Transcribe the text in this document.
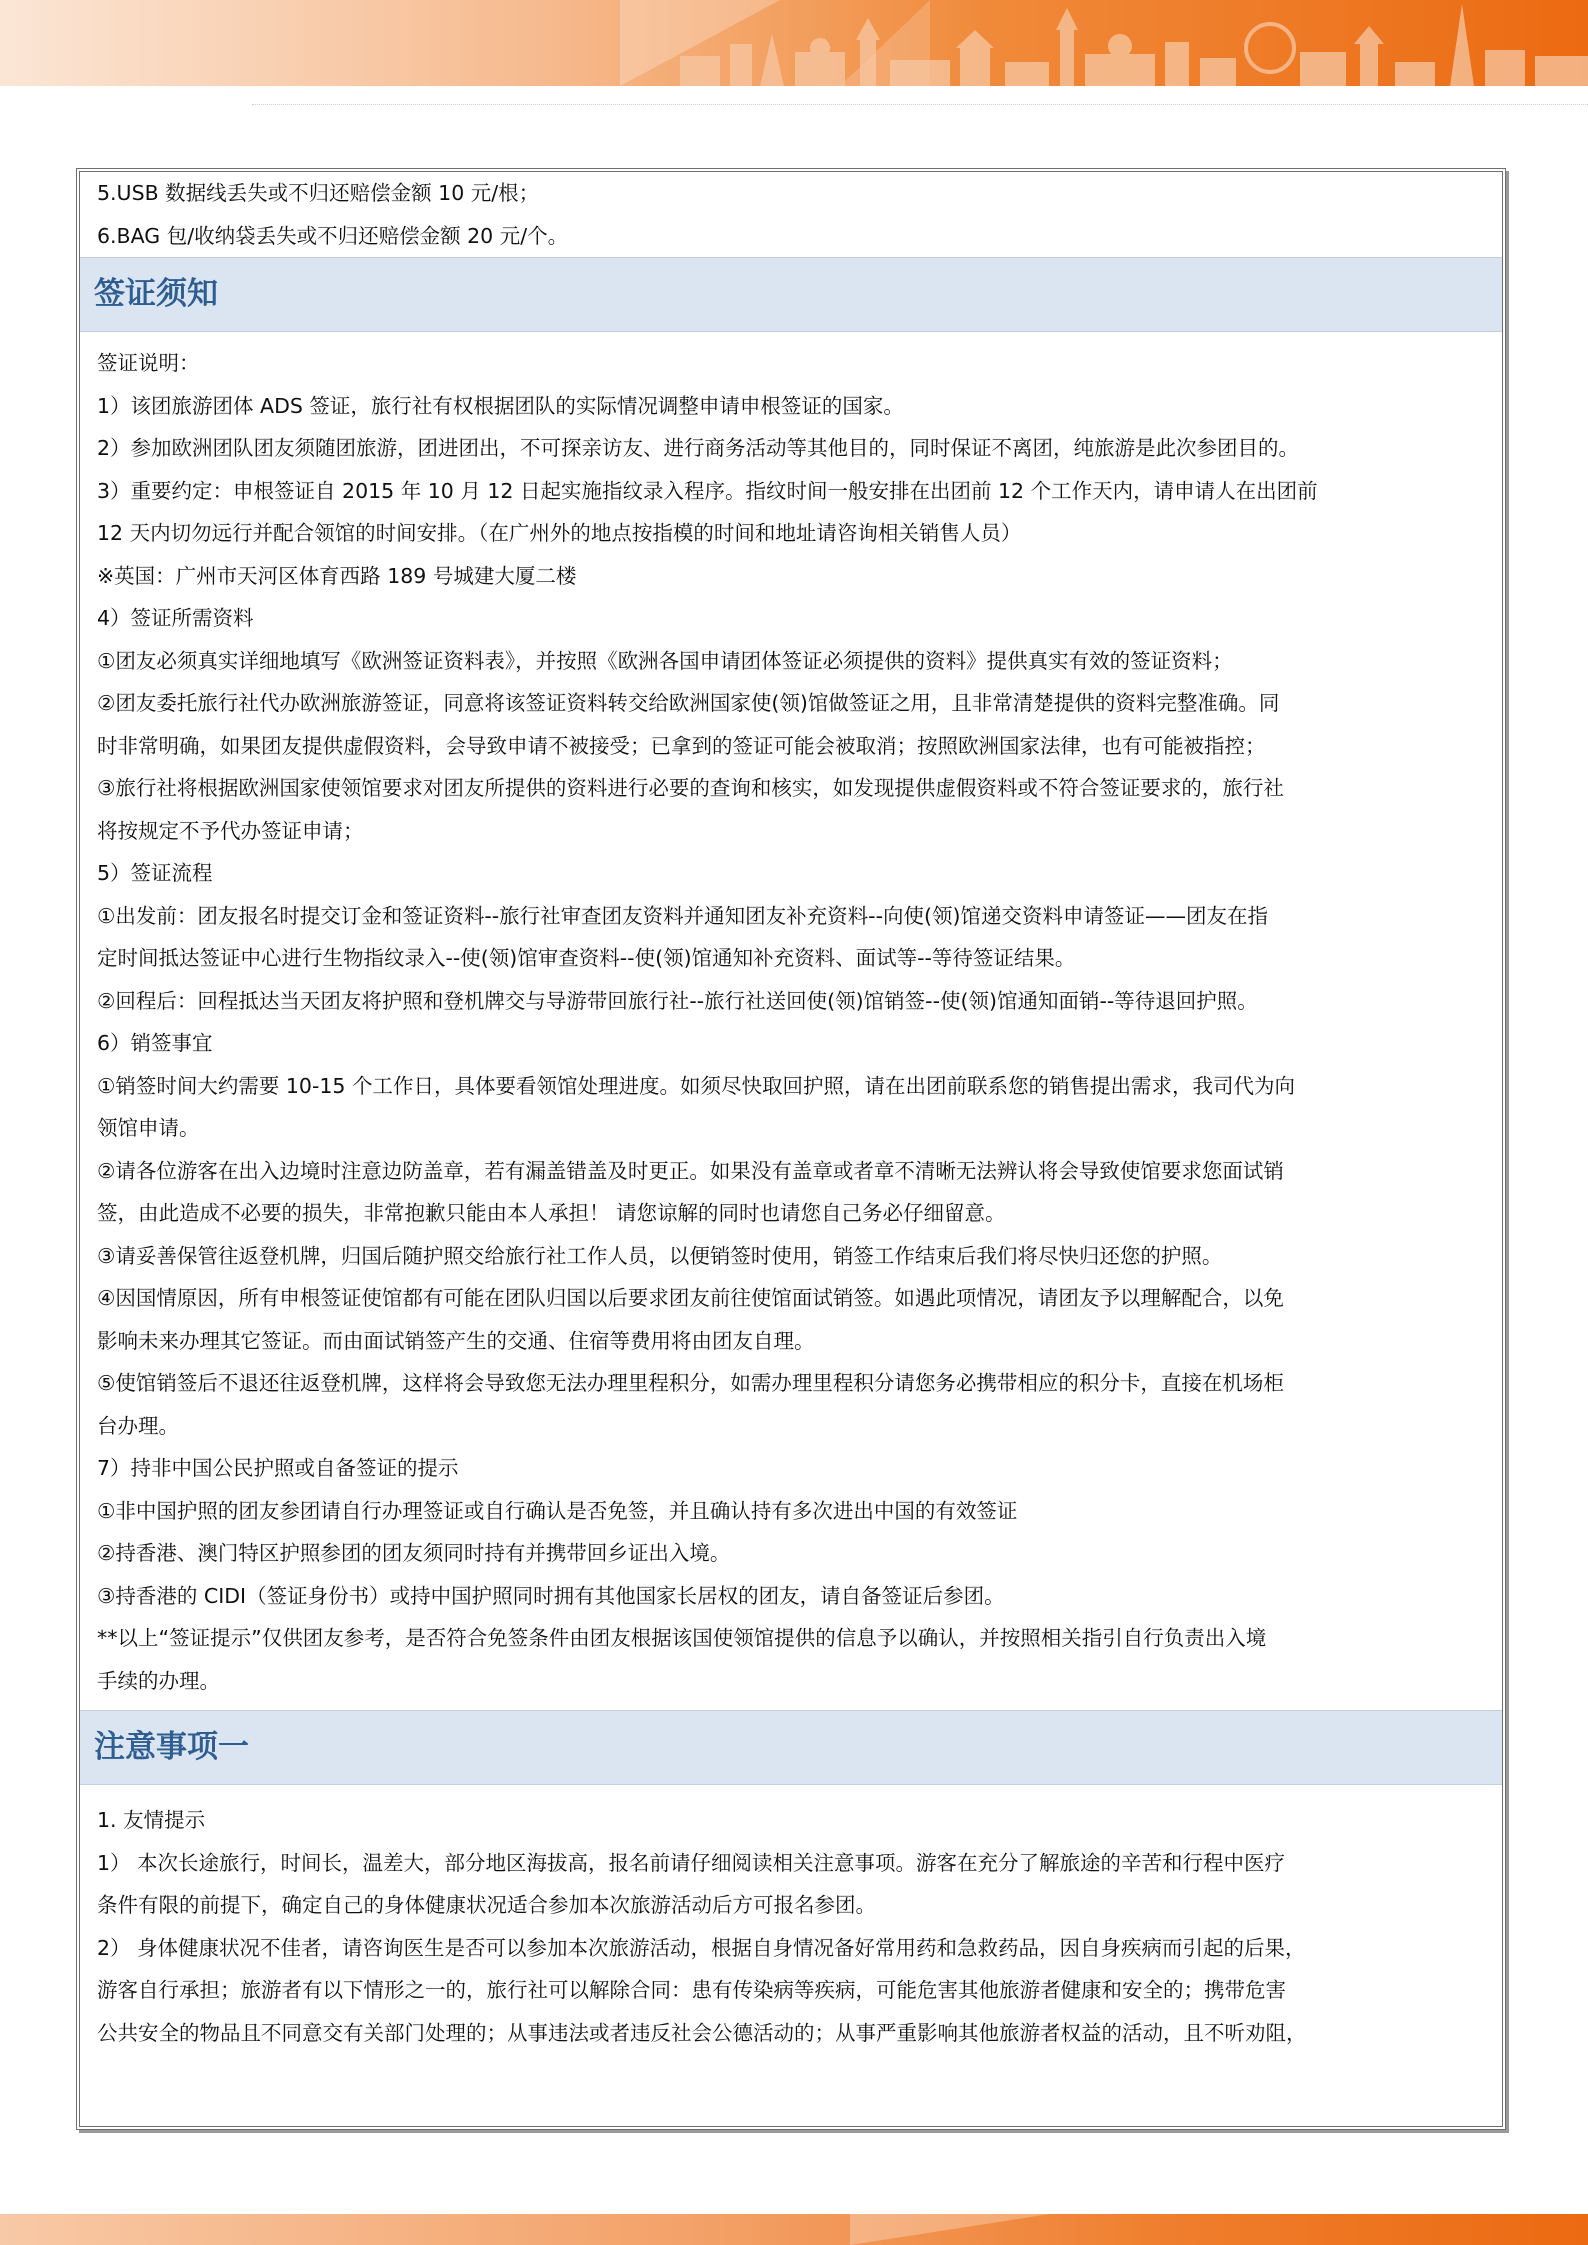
5.USB 数据线丢失或不归还赔偿金额 10 元/根；
6.BAG 包/收纳袋丢失或不归还赔偿金额 20 元/个。
签证须知
签证说明：
1）该团旅游团体 ADS 签证，旅行社有权根据团队的实际情况调整申请申根签证的国家。
2）参加欧洲团队团友须随团旅游，团进团出，不可探亲访友、进行商务活动等其他目的，同时保证不离团，纯旅游是此次参团目的。
3）重要约定：申根签证自 2015 年 10 月 12 日起实施指纹录入程序。指纹时间一般安排在出团前 12 个工作天内，请申请人在出团前
12 天内切勿远行并配合领馆的时间安排。（在广州外的地点按指模的时间和地址请咨询相关销售人员）
※英国：广州市天河区体育西路 189 号城建大厦二楼
4）签证所需资料
①团友必须真实详细地填写《欧洲签证资料表》，并按照《欧洲各国申请团体签证必须提供的资料》提供真实有效的签证资料；
②团友委托旅行社代办欧洲旅游签证，同意将该签证资料转交给欧洲国家使(领)馆做签证之用，且非常清楚提供的资料完整准确。同
时非常明确，如果团友提供虚假资料，会导致申请不被接受；已拿到的签证可能会被取消；按照欧洲国家法律，也有可能被指控；
③旅行社将根据欧洲国家使领馆要求对团友所提供的资料进行必要的查询和核实，如发现提供虚假资料或不符合签证要求的，旅行社
将按规定不予代办签证申请；
5）签证流程
①出发前：团友报名时提交订金和签证资料--旅行社审查团友资料并通知团友补充资料--向使(领)馆递交资料申请签证——团友在指
定时间抵达签证中心进行生物指纹录入--使(领)馆审查资料--使(领)馆通知补充资料、面试等--等待签证结果。
②回程后：回程抵达当天团友将护照和登机牌交与导游带回旅行社--旅行社送回使(领)馆销签--使(领)馆通知面销--等待退回护照。
6）销签事宜
①销签时间大约需要 10-15 个工作日，具体要看领馆处理进度。如须尽快取回护照，请在出团前联系您的销售提出需求，我司代为向
领馆申请。
②请各位游客在出入边境时注意边防盖章，若有漏盖错盖及时更正。如果没有盖章或者章不清晰无法辨认将会导致使馆要求您面试销
签，由此造成不必要的损失，非常抱歉只能由本人承担！ 请您谅解的同时也请您自己务必仔细留意。
③请妥善保管往返登机牌，归国后随护照交给旅行社工作人员，以便销签时使用，销签工作结束后我们将尽快归还您的护照。
④因国情原因，所有申根签证使馆都有可能在团队归国以后要求团友前往使馆面试销签。如遇此项情况，请团友予以理解配合，以免
影响未来办理其它签证。而由面试销签产生的交通、住宿等费用将由团友自理。
⑤使馆销签后不退还往返登机牌，这样将会导致您无法办理里程积分，如需办理里程积分请您务必携带相应的积分卡，直接在机场柜
台办理。
7）持非中国公民护照或自备签证的提示
①非中国护照的团友参团请自行办理签证或自行确认是否免签，并且确认持有多次进出中国的有效签证
②持香港、澳门特区护照参团的团友须同时持有并携带回乡证出入境。
③持香港的 CIDI（签证身份书）或持中国护照同时拥有其他国家长居权的团友，请自备签证后参团。
**以上“签证提示”仅供团友参考，是否符合免签条件由团友根据该国使领馆提供的信息予以确认，并按照相关指引自行负责出入境
手续的办理。
注意事项一
1. 友情提示
1） 本次长途旅行，时间长，温差大，部分地区海拔高，报名前请仔细阅读相关注意事项。游客在充分了解旅途的辛苦和行程中医疗
条件有限的前提下，确定自己的身体健康状况适合参加本次旅游活动后方可报名参团。
2） 身体健康状况不佳者，请咨询医生是否可以参加本次旅游活动，根据自身情况备好常用药和急救药品，因自身疾病而引起的后果，
游客自行承担；旅游者有以下情形之一的，旅行社可以解除合同：患有传染病等疾病，可能危害其他旅游者健康和安全的；携带危害
公共安全的物品且不同意交有关部门处理的；从事违法或者违反社会公德活动的；从事严重影响其他旅游者权益的活动，且不听劝阻，
